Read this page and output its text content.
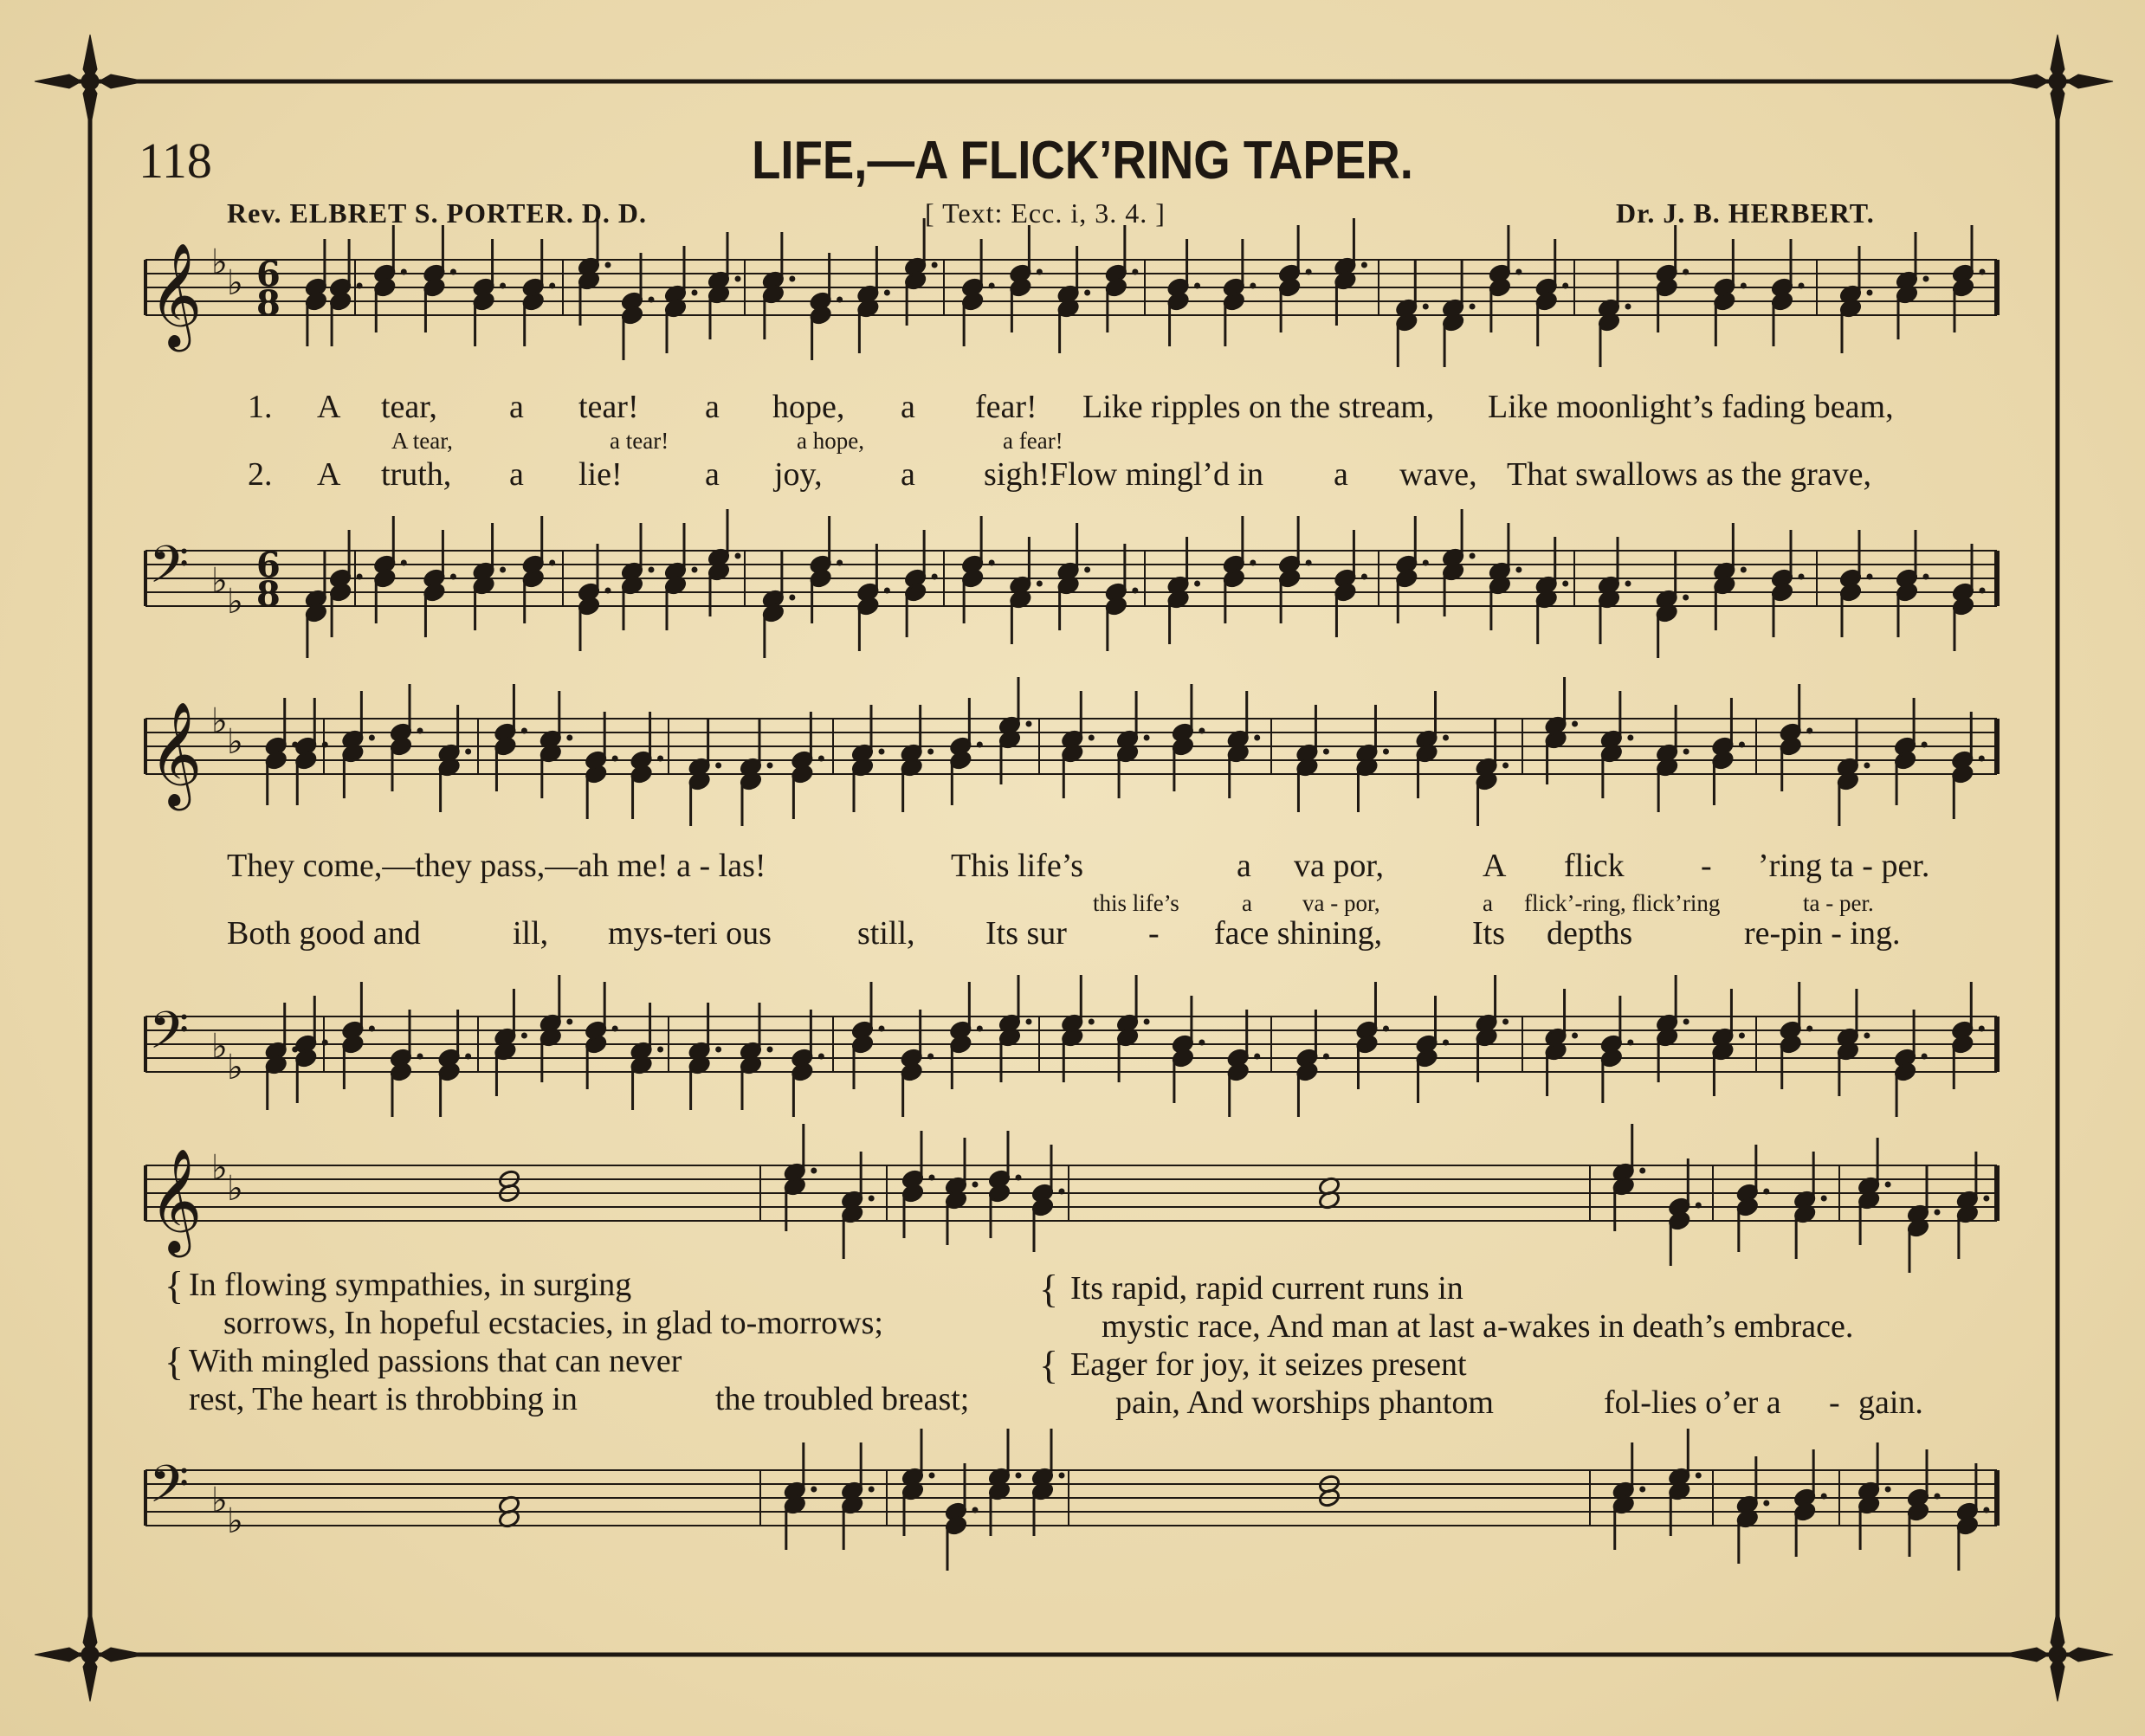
118	LIFE,—A FLICK’RING TAPER.
Rev. ELBRET S. PORTER. D. D.	[ Text: Ecc. i, 3. 4. ]	Dr. J. B. HERBERT.
𝄞 ♭
♭ 6
8
𝄢 ♭
♭
6
8
𝄞 ♭
♭
𝄢 ♭
♭
𝄞 ♭
♭
𝄢 ♭
♭
1. A tear, a tear! a hope, a fear! Like ripples on the stream, Like moonlight’s fading beam,
A tear,	a tear!	a hope,	a fear!
2. A truth, a lie!	a joy, a sigh! Flow mingl’d in a wave, That swallows as the grave,
They come,—they pass,—ah me! a - las!	This life’s	a va por,	A flick - ’ring ta - per.
this life’s	a va - por,	a flick’-ring, flick’ring	ta - per.
Both good and	ill, mys-teri ous	still, Its sur - face shining,	Its depths	re-pin - ing.
{ In flowing sympathies, in surging
sorrows, In hopeful ecstacies, in glad to-morrows;
{ With mingled passions that can never
rest, The heart is throbbing in	the troubled breast;
{ Its rapid, rapid current runs in
mystic race, And man at last a-wakes in death’s embrace.
{ Eager for joy, it seizes present
pain, And worships phantom	fol-lies o’er a - gain.
